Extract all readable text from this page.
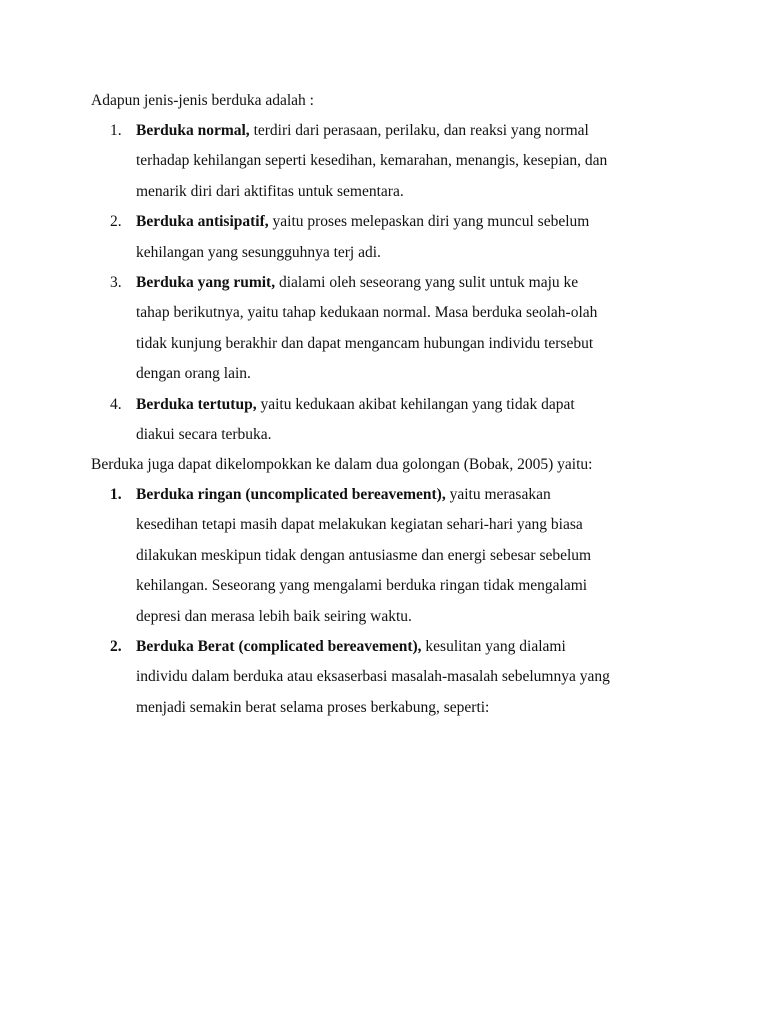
Adapun jenis-jenis berduka adalah :

1. Berduka normal, terdiri dari perasaan, perilaku, dan reaksi yang normal
terhadap kehilangan seperti kesedihan, kemarahan, menangis, kesepian, dan
menarik diri dari aktifitas untuk sementara.
2. Berduka antisipatif, yaitu proses melepaskan diri yang muncul sebelum
kehilangan yang sesungguhnya terj adi.
3. Berduka yang rumit, dialami oleh seseorang yang sulit untuk maju ke
tahap berikutnya, yaitu tahap kedukaan normal. Masa berduka seolah-olah
tidak kunjung berakhir dan dapat mengancam hubungan individu tersebut
dengan orang lain.
4. Berduka tertutup, yaitu kedukaan akibat kehilangan yang tidak dapat
diakui secara terbuka.

Berduka juga dapat dikelompokkan ke dalam dua golongan (Bobak, 2005) yaitu:

1. Berduka ringan (uncomplicated bereavement), yaitu merasakan
kesedihan tetapi masih dapat melakukan kegiatan sehari-hari yang biasa
dilakukan meskipun tidak dengan antusiasme dan energi sebesar sebelum
kehilangan. Seseorang yang mengalami berduka ringan tidak mengalami
depresi dan merasa lebih baik seiring waktu.
2. Berduka Berat (complicated bereavement), kesulitan yang dialami
individu dalam berduka atau eksaserbasi masalah-masalah sebelumnya yang
menjadi semakin berat selama proses berkabung, seperti:
